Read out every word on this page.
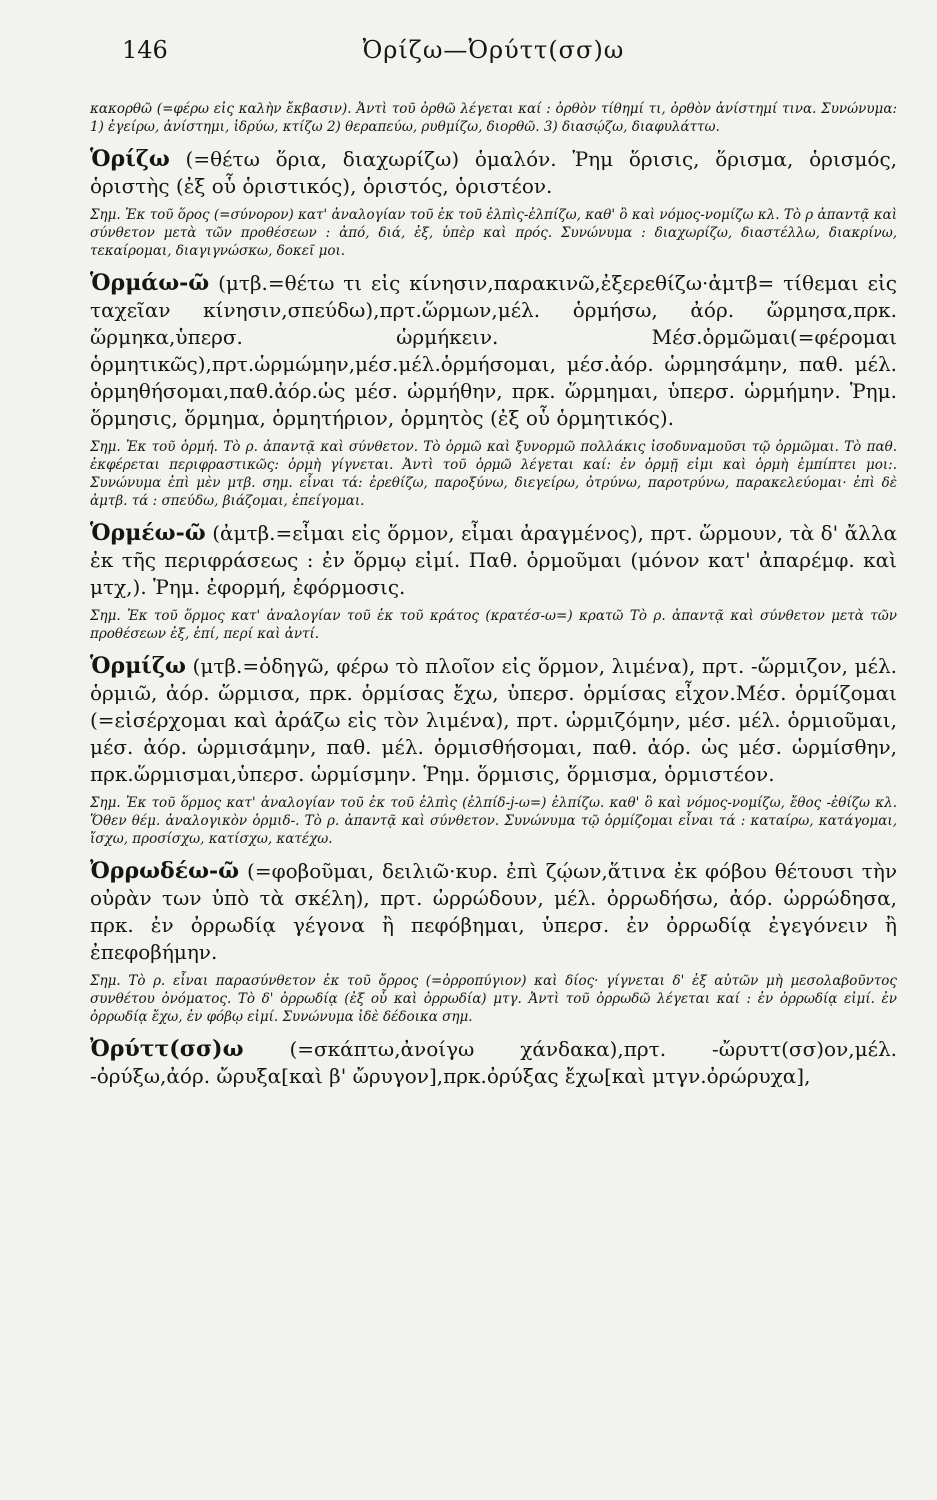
146	Ὀρίζω—Ὀρύττ(σσ)ω

κακορθῶ (=φέρω εἰς καλὴν ἔκβασιν). Ἀντὶ τοῦ ὀρθῶ λέγεται καί : ὀρθὸν τίθημί τι, ὀρθὸν ἀνίστημί τινα. Συνώνυμα: 1) ἐγείρω, ἀνίστημι, ἱδρύω, κτίζω 2) θεραπεύω, ρυθμίζω, διορθῶ. 3) διασῴζω, διαφυλάττω.

Ὁρίζω (=θέτω ὅρια, διαχωρίζω) ὁμαλόν. Ῥημ ὅρισις, ὅρισμα, ὁρισμός, ὁριστὴς (ἐξ οὗ ὁριστικός), ὁριστός, ὁριστέον.

Σημ. Ἐκ τοῦ ὅρος (=σύνορον) κατ' ἀναλογίαν τοῦ ἐκ τοῦ ἐλπὶς-ἐλπίζω, καθ' ὃ καὶ νόμος-νομίζω κλ. Τὸ ρ ἀπαντᾷ καὶ σύνθετον μετὰ τῶν προθέσεων : ἀπό, διά, ἐξ, ὑπὲρ καὶ πρός. Συνώνυμα : διαχωρίζω, διαστέλλω, διακρίνω, τεκαίρομαι, διαγιγνώσκω, δοκεῖ μοι.

Ὁρμάω-ῶ (μτβ.=θέτω τι εἰς κίνησιν,παρακινῶ,ἐξερεθίζω·ἀμτβ= τίθεμαι εἰς ταχεῖαν κίνησιν,σπεύδω),πρτ.ὥρμων,μέλ. ὁρμήσω, ἀόρ. ὥρμησα,πρκ. ὥρμηκα,ὑπερσ. ὡρμήκειν. Μέσ.ὁρμῶμαι(=φέρομαι ὁρμητικῶς),πρτ.ὡρμώμην,μέσ.μέλ.ὁρμήσομαι, μέσ.ἀόρ. ὡρμησάμην, παθ. μέλ. ὁρμηθήσομαι,παθ.ἀόρ.ὡς μέσ. ὡρμήθην, πρκ. ὥρμημαι, ὑπερσ. ὡρμήμην. Ῥημ. ὅρμησις, ὅρμημα, ὁρμητήριον, ὁρμητὸς (ἐξ οὗ ὁρμητικός).

Σημ. Ἐκ τοῦ ὁρμή. Τὸ ρ. ἀπαντᾷ καὶ σύνθετον. Τὸ ὁρμῶ καὶ ξυνορμῶ πολλάκις ἰσοδυναμοῦσι τῷ ὁρμῶμαι. Τὸ παθ. ἐκφέρεται περιφραστικῶς: ὁρμὴ γίγνεται. Ἀντὶ τοῦ ὁρμῶ λέγεται καί: ἐν ὁρμῇ εἰμι καὶ ὁρμὴ ἐμπίπτει μοι:. Συνώνυμα ἐπὶ μὲν μτβ. σημ. εἶναι τά: ἐρεθίζω, παροξύνω, διεγείρω, ὀτρύνω, παροτρύνω, παρακελεύομαι· ἐπὶ δὲ ἀμτβ. τά : σπεύδω, βιάζομαι, ἐπείγομαι.

Ὁρμέω-ῶ (ἀμτβ.=εἶμαι εἰς ὅρμον, εἶμαι ἀραγμένος), πρτ. ὥρμουν, τὰ δ' ἄλλα ἐκ τῆς περιφράσεως : ἐν ὅρμῳ εἰμί. Παθ. ὁρμοῦμαι (μόνον κατ' ἀπαρέμφ. καὶ μτχ,). Ῥημ. ἐφορμή, ἐφόρμοσις.

Σημ. Ἐκ τοῦ ὅρμος κατ' ἀναλογίαν τοῦ ἐκ τοῦ κράτος (κρατέσ-ω=) κρατῶ Τὸ ρ. ἀπαντᾷ καὶ σύνθετον μετὰ τῶν προθέσεων ἐξ, ἐπί, περί καὶ ἀντί.

Ὁρμίζω (μτβ.=ὁδηγῶ, φέρω τὸ πλοῖον εἰς ὅρμον, λιμένα), πρτ. -ὥρμιζον, μέλ. ὁρμιῶ, ἀόρ. ὥρμισα, πρκ. ὁρμίσας ἔχω, ὑπερσ. ὁρμίσας εἶχον.Μέσ. ὁρμίζομαι (=εἰσέρχομαι καὶ ἀράζω εἰς τὸν λιμένα), πρτ. ὡρμιζόμην, μέσ. μέλ. ὁρμιοῦμαι, μέσ. ἀόρ. ὡρμισάμην, παθ. μέλ. ὁρμισθήσομαι, παθ. ἀόρ. ὡς μέσ. ὡρμίσθην, πρκ.ὥρμισμαι,ὑπερσ. ὡρμίσμην. Ῥημ. ὅρμισις, ὅρμισμα, ὁρμιστέον.

Σημ. Ἐκ τοῦ ὅρμος κατ' ἀναλογίαν τοῦ ἐκ τοῦ ἐλπὶς (ἐλπίδ-j-ω=) ἐλπίζω. καθ' ὃ καὶ νόμος-νομίζω, ἔθος -ἐθίζω κλ. Ὅθεν θέμ. ἀναλογικὸν ὁρμιδ-. Τὸ ρ. ἀπαντᾷ καὶ σύνθετον. Συνώνυμα τῷ ὁρμίζομαι εἶναι τά : καταίρω, κατάγομαι, ἴσχω, προσίσχω, κατίσχω, κατέχω.

Ὀρρωδέω-ῶ (=φοβοῦμαι, δειλιῶ·κυρ. ἐπὶ ζῴων,ἅτινα ἐκ φόβου θέτουσι τὴν οὐρὰν των ὑπὸ τὰ σκέλη), πρτ. ὠρρώδουν, μέλ. ὀρρωδήσω, ἀόρ. ὠρρώδησα, πρκ. ἐν ὀρρωδίᾳ γέγονα ἢ πεφόβημαι, ὑπερσ. ἐν ὀρρωδίᾳ ἐγεγόνειν ἢ ἐπεφοβήμην.

Σημ. Τὸ ρ. εἶναι παρασύνθετον ἐκ τοῦ ὄρρος (=ὀρροπύγιον) καὶ δίος· γίγνεται δ' ἐξ αὐτῶν μὴ μεσολαβοῦντος συνθέτου ὀνόματος. Τὸ δ' ὀρρωδίᾳ (ἐξ οὗ καὶ ὀρρωδία) μτγ. Ἀντὶ τοῦ ὀρρωδῶ λέγεται καί : ἐν ὀρρωδίᾳ εἰμί. ἐν ὀρρωδίᾳ ἔχω, ἐν φόβῳ εἰμί. Συνώνυμα ἰδὲ δέδοικα σημ.

Ὀρύττ(σσ)ω (=σκάπτω,ἀνοίγω χάνδακα),πρτ. -ὤρυττ(σσ)ον,μέλ. -ὀρύξω,ἀόρ. ὤρυξα[καὶ β' ὤρυγον],πρκ.ὀρύξας ἔχω[καὶ μτγν.ὀρώρυχα],
